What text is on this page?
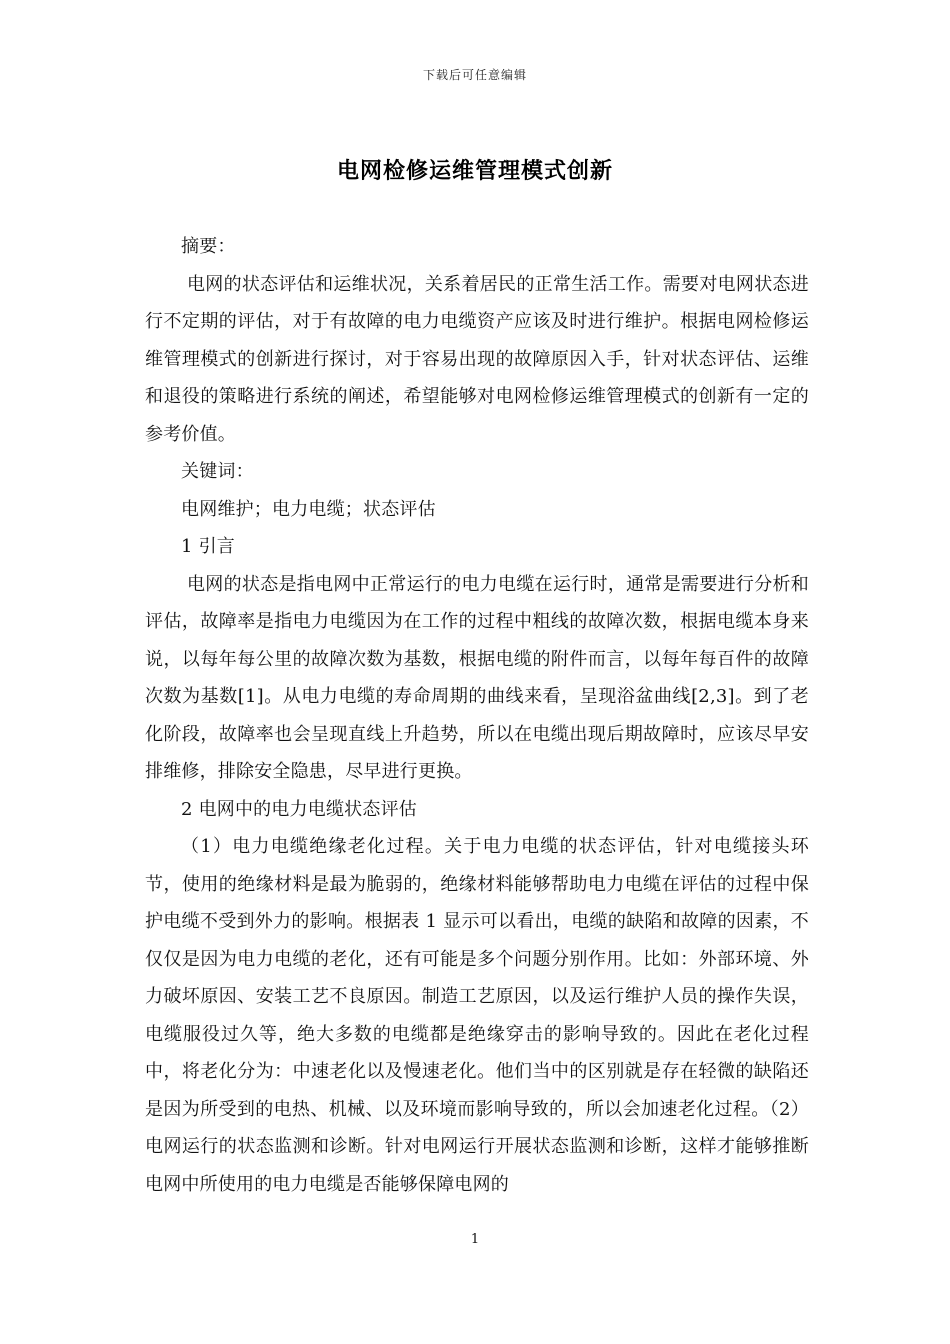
下载后可任意编辑
电网检修运维管理模式创新

摘要：

电网的状态评估和运维状况，关系着居民的正常生活工作。需要对电网状态进行不定期的评估，对于有故障的电力电缆资产应该及时进行维护。根据电网检修运维管理模式的创新进行探讨，对于容易出现的故障原因入手，针对状态评估、运维和退役的策略进行系统的阐述，希望能够对电网检修运维管理模式的创新有一定的参考价值。

关键词：

电网维护；电力电缆；状态评估

1 引言

电网的状态是指电网中正常运行的电力电缆在运行时，通常是需要进行分析和评估，故障率是指电力电缆因为在工作的过程中粗线的故障次数，根据电缆本身来说，以每年每公里的故障次数为基数，根据电缆的附件而言，以每年每百件的故障次数为基数[1]。从电力电缆的寿命周期的曲线来看，呈现浴盆曲线[2,3]。到了老化阶段，故障率也会呈现直线上升趋势，所以在电缆出现后期故障时，应该尽早安排维修，排除安全隐患，尽早进行更换。

2 电网中的电力电缆状态评估

（1）电力电缆绝缘老化过程。关于电力电缆的状态评估，针对电缆接头环节，使用的绝缘材料是最为脆弱的，绝缘材料能够帮助电力电缆在评估的过程中保护电缆不受到外力的影响。根据表 1 显示可以看出，电缆的缺陷和故障的因素，不仅仅是因为电力电缆的老化，还有可能是多个问题分别作用。比如：外部环境、外力破坏原因、安装工艺不良原因。制造工艺原因，以及运行维护人员的操作失误，电缆服役过久等，绝大多数的电缆都是绝缘穿击的影响导致的。因此在老化过程中，将老化分为：中速老化以及慢速老化。他们当中的区别就是存在轻微的缺陷还是因为所受到的电热、机械、以及环境而影响导致的，所以会加速老化过程。（2）电网运行的状态监测和诊断。针对电网运行开展状态监测和诊断，这样才能够推断电网中所使用的电力电缆是否能够保障电网的

1
